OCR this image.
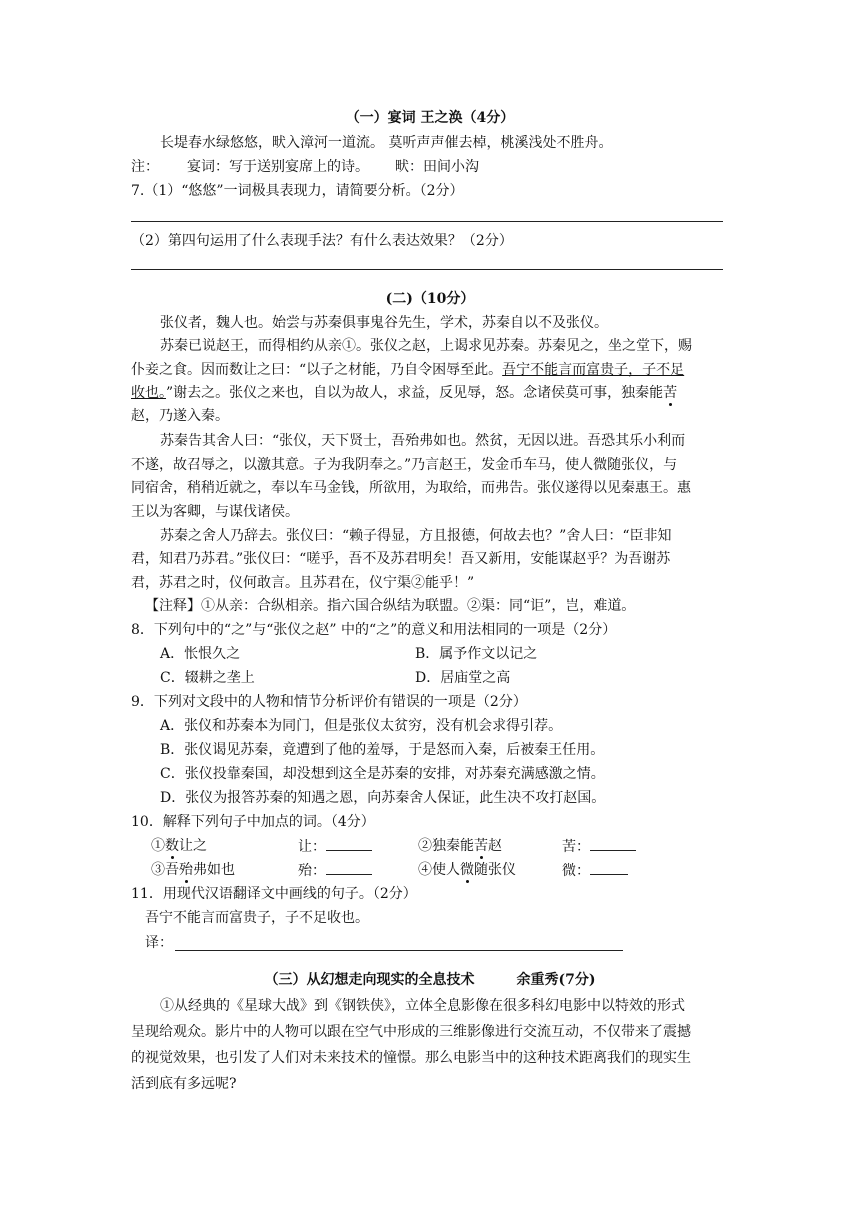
（一）宴词 王之涣（4分）
长堤春水绿悠悠，畎入漳河一道流。 莫听声声催去棹，桃溪浅处不胜舟。
注： 宴词：写于送别宴席上的诗。 畎：田间小沟
7.（1）“悠悠”一词极具表现力，请简要分析。（2分）
（2）第四句运用了什么表现手法？有什么表达效果？（2分）
(二)（10分）
张仪者，魏人也。始尝与苏秦俱事鬼谷先生，学术，苏秦自以不及张仪。
苏秦已说赵王，而得相约从亲①。张仪之赵，上谒求见苏秦。苏秦见之，坐之堂下，赐
仆妾之食。因而数让之曰：“以子之材能，乃自令困辱至此。吾宁不能言而富贵子，子不足
收也。”谢去之。张仪之来也，自以为故人，求益，反见辱，怒。念诸侯莫可事，独秦能苦
赵，乃遂入秦。
苏秦告其舍人曰：“张仪，天下贤士，吾殆弗如也。然贫，无因以进。吾恐其乐小利而
不遂，故召辱之，以激其意。子为我阴奉之。”乃言赵王，发金币车马，使人微随张仪，与
同宿舍，稍稍近就之，奉以车马金钱，所欲用，为取给，而弗告。张仪遂得以见秦惠王。惠
王以为客卿，与谋伐诸侯。
苏秦之舍人乃辞去。张仪曰：“赖子得显，方且报德，何故去也？”舍人曰：“臣非知
君，知君乃苏君。”张仪曰：“嗟乎，吾不及苏君明矣！吾又新用，安能谋赵乎？为吾谢苏
君，苏君之时，仪何敢言。且苏君在，仪宁渠②能乎！”
【注释】①从亲：合纵相亲。指六国合纵结为联盟。②渠：同“讵”，岂，难道。
8．下列句中的“之”与“张仪之赵” 中的“之”的意义和用法相同的一项是（2分）
A．怅恨久之	B．属予作文以记之
C．辍耕之垄上	D．居庙堂之高
9．下列对文段中的人物和情节分析评价有错误的一项是（2分）
A．张仪和苏秦本为同门，但是张仪太贫穷，没有机会求得引荐。
B．张仪谒见苏秦，竟遭到了他的羞辱，于是怒而入秦，后被秦王任用。
C．张仪投靠秦国，却没想到这全是苏秦的安排，对苏秦充满感激之情。
D．张仪为报答苏秦的知遇之恩，向苏秦舍人保证，此生决不攻打赵国。
10．解释下列句子中加点的词。（4分）
①数让之	让：	②独秦能苦赵	苦：
③吾殆弗如也	殆：	④使人微随张仪	微：
11．用现代汉语翻译文中画线的句子。（2分）
吾宁不能言而富贵子，子不足收也。
译：
（三）从幻想走向现实的全息技术	余重秀(7分)
①从经典的《星球大战》到《钢铁侠》，立体全息影像在很多科幻电影中以特效的形式
呈现给观众。影片中的人物可以跟在空气中形成的三维影像进行交流互动，不仅带来了震撼
的视觉效果，也引发了人们对未来技术的憧憬。那么电影当中的这种技术距离我们的现实生
活到底有多远呢?
